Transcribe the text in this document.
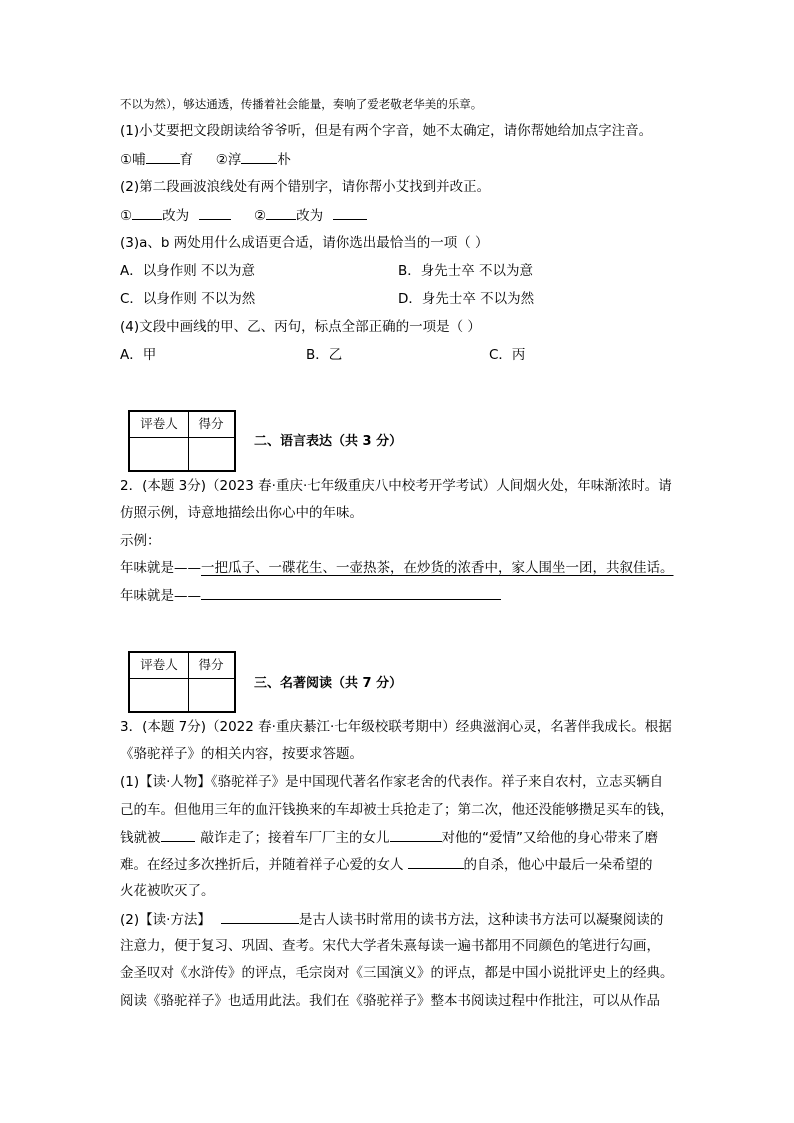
不以为然），够达通透，传播着社会能量，奏响了爱老敬老华美的乐章。
(1)小艾要把文段朗读给爷爷听，但是有两个字音，她不太确定，请你帮她给加点字注音。
①哺	育 ②淳	朴
(2)第二段画波浪线处有两个错别字，请你帮小艾找到并改正。
① 改为	② 改为
(3)a、b 两处用什么成语更合适，请你选出最恰当的一项（ ）
A．以身作则 不以为意	B．身先士卒 不以为意
C．以身作则 不以为然	D．身先士卒 不以为然
(4)文段中画线的甲、乙、丙句，标点全部正确的一项是（ ）
A．甲	B．乙	C．丙
评卷人	得分
二、语言表达（共 3 分）
2．(本题 3分)（2023 春·重庆·七年级重庆八中校考开学考试）人间烟火处，年味渐浓时。请
仿照示例，诗意地描绘出你心中的年味。
示例：
年味就是——一把瓜子、一碟花生、一壶热茶，在炒货的浓香中，家人围坐一团，共叙佳话。
年味就是——
评卷人	得分
三、名著阅读（共 7 分）
3．(本题 7分)（2022 春·重庆綦江·七年级校联考期中）经典滋润心灵，名著伴我成长。根据
《骆驼祥子》的相关内容，按要求答题。
(1)【读·人物】《骆驼祥子》是中国现代著名作家老舍的代表作。祥子来自农村，立志买辆自
己的车。但他用三年的血汗钱换来的车却被士兵抢走了；第二次，他还没能够攒足买车的钱，
钱就被	敲诈走了；接着车厂厂主的女儿	对他的“爱情”又给他的身心带来了磨
难。在经过多次挫折后，并随着祥子心爱的女人	的自杀，他心中最后一朵希望的
火花被吹灭了。
(2)【读·方法】	是古人读书时常用的读书方法，这种读书方法可以凝聚阅读的
注意力，便于复习、巩固、查考。宋代大学者朱熹每读一遍书都用不同颜色的笔进行勾画，
金圣叹对《水浒传》的评点，毛宗岗对《三国演义》的评点，都是中国小说批评史上的经典。
阅读《骆驼祥子》也适用此法。我们在《骆驼祥子》整本书阅读过程中作批注，可以从作品
